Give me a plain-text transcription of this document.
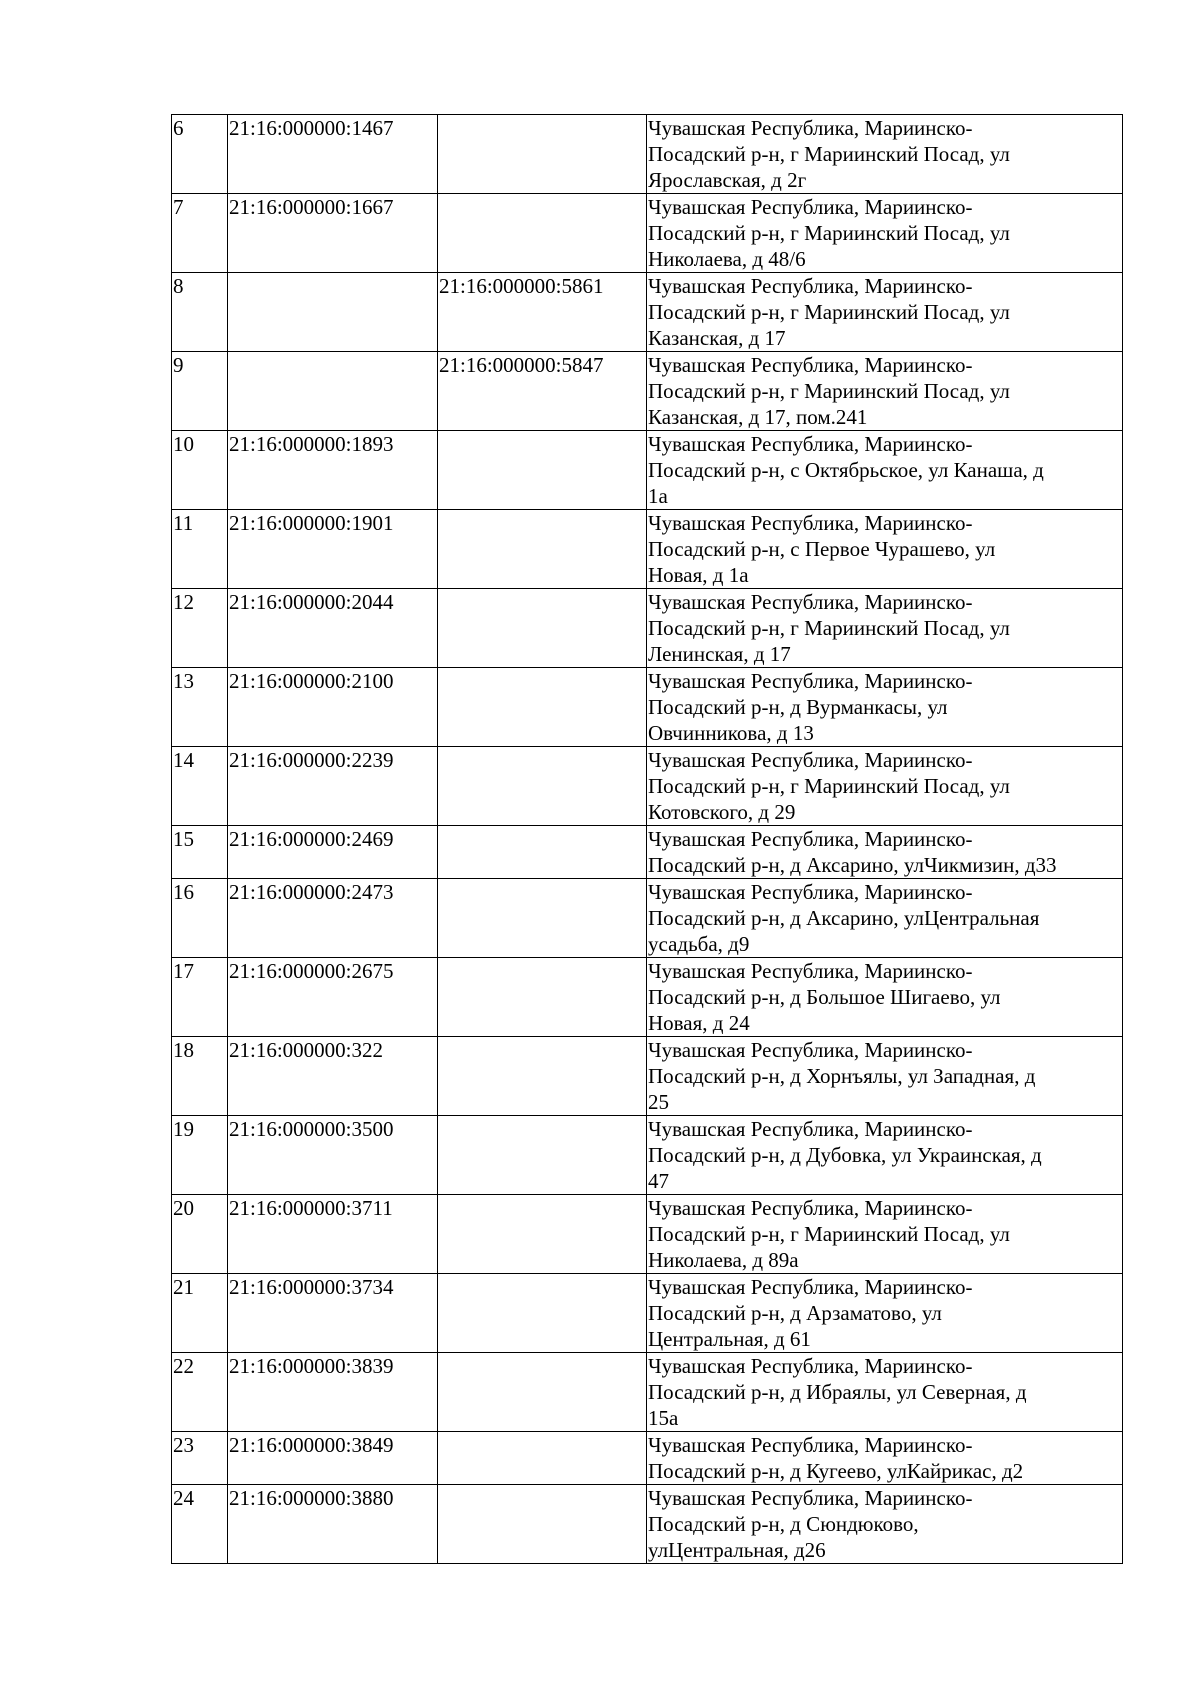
6	21:16:000000:1467		Чувашская Республика, Мариинско-
Посадский р-н, г Мариинский Посад, ул
Ярославская, д 2г
7	21:16:000000:1667		Чувашская Республика, Мариинско-
Посадский р-н, г Мариинский Посад, ул
Николаева, д 48/6
8		21:16:000000:5861	Чувашская Республика, Мариинско-
Посадский р-н, г Мариинский Посад, ул
Казанская, д 17
9		21:16:000000:5847	Чувашская Республика, Мариинско-
Посадский р-н, г Мариинский Посад, ул
Казанская, д 17, пом.241
10	21:16:000000:1893		Чувашская Республика, Мариинско-
Посадский р-н, с Октябрьское, ул Канаша, д
1а
11	21:16:000000:1901		Чувашская Республика, Мариинско-
Посадский р-н, с Первое Чурашево, ул
Новая, д 1а
12	21:16:000000:2044		Чувашская Республика, Мариинско-
Посадский р-н, г Мариинский Посад, ул
Ленинская, д 17
13	21:16:000000:2100		Чувашская Республика, Мариинско-
Посадский р-н, д Вурманкасы, ул
Овчинникова, д 13
14	21:16:000000:2239		Чувашская Республика, Мариинско-
Посадский р-н, г Мариинский Посад, ул
Котовского, д 29
15	21:16:000000:2469		Чувашская Республика, Мариинско-
Посадский р-н, д Аксарино, улЧикмизин, д33
16	21:16:000000:2473		Чувашская Республика, Мариинско-
Посадский р-н, д Аксарино, улЦентральная
усадьба, д9
17	21:16:000000:2675		Чувашская Республика, Мариинско-
Посадский р-н, д Большое Шигаево, ул
Новая, д 24
18	21:16:000000:322		Чувашская Республика, Мариинско-
Посадский р-н, д Хорнъялы, ул Западная, д
25
19	21:16:000000:3500		Чувашская Республика, Мариинско-
Посадский р-н, д Дубовка, ул Украинская, д
47
20	21:16:000000:3711		Чувашская Республика, Мариинско-
Посадский р-н, г Мариинский Посад, ул
Николаева, д 89а
21	21:16:000000:3734		Чувашская Республика, Мариинско-
Посадский р-н, д Арзаматово, ул
Центральная, д 61
22	21:16:000000:3839		Чувашская Республика, Мариинско-
Посадский р-н, д Ибраялы, ул Северная, д
15а
23	21:16:000000:3849		Чувашская Республика, Мариинско-
Посадский р-н, д Кугеево, улКайрикас, д2
24	21:16:000000:3880		Чувашская Республика, Мариинско-
Посадский р-н, д Сюндюково,
улЦентральная, д26
